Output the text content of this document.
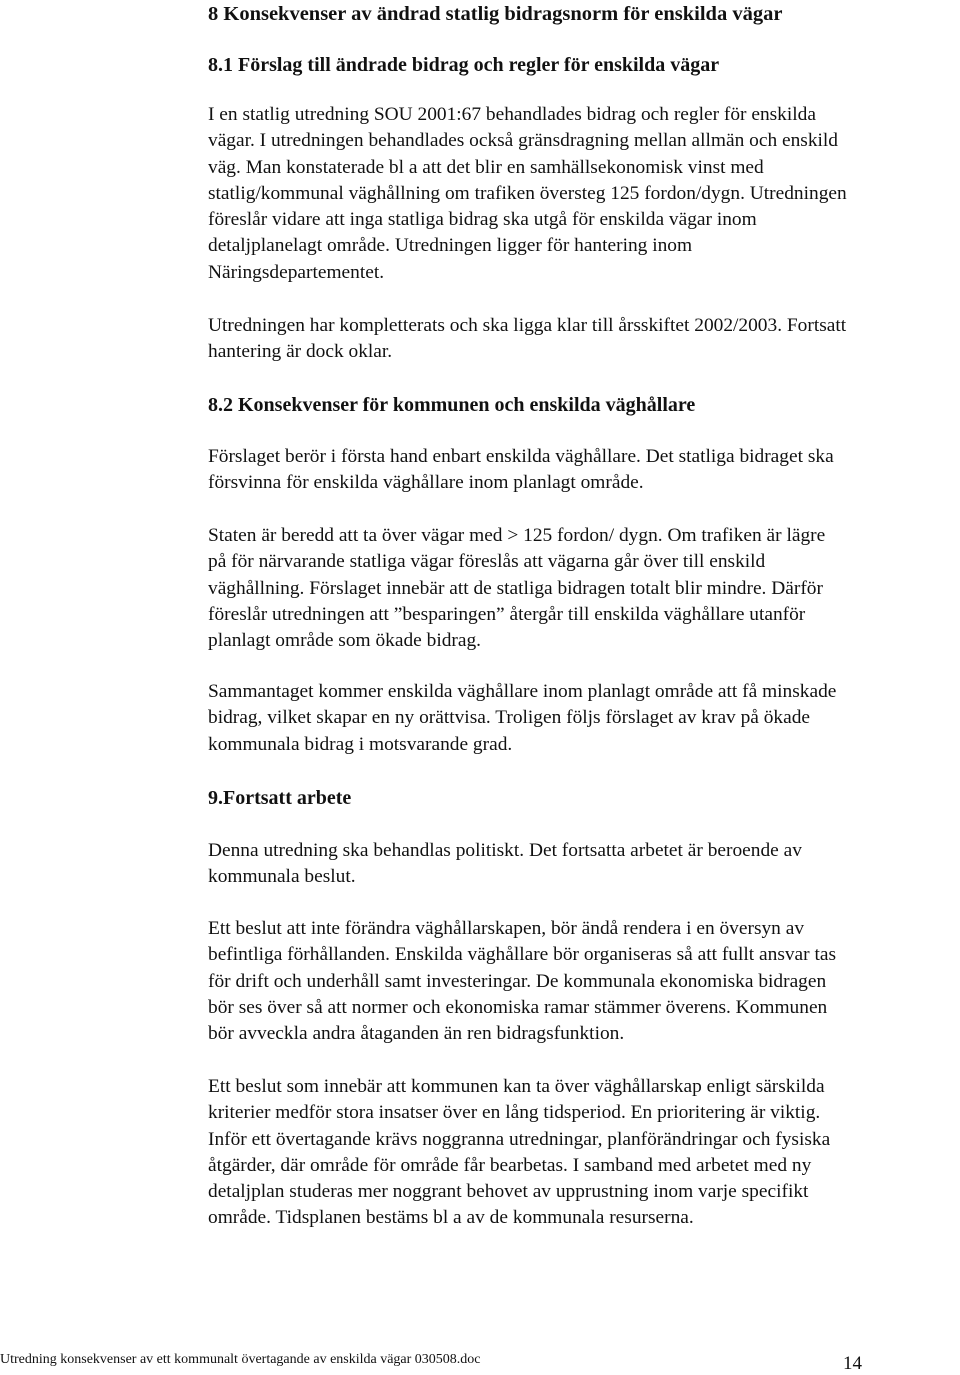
8 Konsekvenser av ändrad statlig bidragsnorm för enskilda vägar
8.1 Förslag till ändrade bidrag och regler för enskilda vägar
I en statlig utredning SOU 2001:67 behandlades bidrag och regler för enskilda
vägar. I utredningen behandlades också gränsdragning mellan allmän och enskild
väg. Man konstaterade bl a att det blir en samhällsekonomisk vinst med
statlig/kommunal väghållning om trafiken översteg 125 fordon/dygn. Utredningen
föreslår vidare att inga statliga bidrag ska utgå för enskilda vägar inom
detaljplanelagt område. Utredningen ligger för hantering inom
Näringsdepartementet.
Utredningen har kompletterats och ska ligga klar till årsskiftet 2002/2003. Fortsatt
hantering är dock oklar.
8.2 Konsekvenser för kommunen och enskilda väghållare
Förslaget berör i första hand enbart enskilda väghållare. Det statliga bidraget ska
försvinna för enskilda väghållare inom planlagt område.
Staten är beredd att ta över vägar med > 125 fordon/ dygn. Om trafiken är lägre
på för närvarande statliga vägar föreslås att vägarna går över till enskild
väghållning. Förslaget innebär att de statliga bidragen totalt blir mindre. Därför
föreslår utredningen att ”besparingen” återgår till enskilda väghållare utanför
planlagt område som ökade bidrag.
Sammantaget kommer enskilda väghållare inom planlagt område att få minskade
bidrag, vilket skapar en ny orättvisa. Troligen följs förslaget av krav på ökade
kommunala bidrag i motsvarande grad.
9.Fortsatt arbete
Denna utredning ska behandlas politiskt. Det fortsatta arbetet är beroende av
kommunala beslut.
Ett beslut att inte förändra väghållarskapen, bör ändå rendera i en översyn av
befintliga förhållanden. Enskilda väghållare bör organiseras så att fullt ansvar tas
för drift och underhåll samt investeringar. De kommunala ekonomiska bidragen
bör ses över så att normer och ekonomiska ramar stämmer överens. Kommunen
bör avveckla andra åtaganden än ren bidragsfunktion.
Ett beslut som innebär att kommunen kan ta över väghållarskap enligt särskilda
kriterier medför stora insatser över en lång tidsperiod. En prioritering är viktig.
Inför ett övertagande krävs noggranna utredningar, planförändringar och fysiska
åtgärder, där område för område får bearbetas. I samband med arbetet med ny
detaljplan studeras mer noggrant behovet av upprustning inom varje specifikt
område. Tidsplanen bestäms bl a av de kommunala resurserna.
Utredning konsekvenser av ett kommunalt övertagande av enskilda vägar 030508.doc	14
